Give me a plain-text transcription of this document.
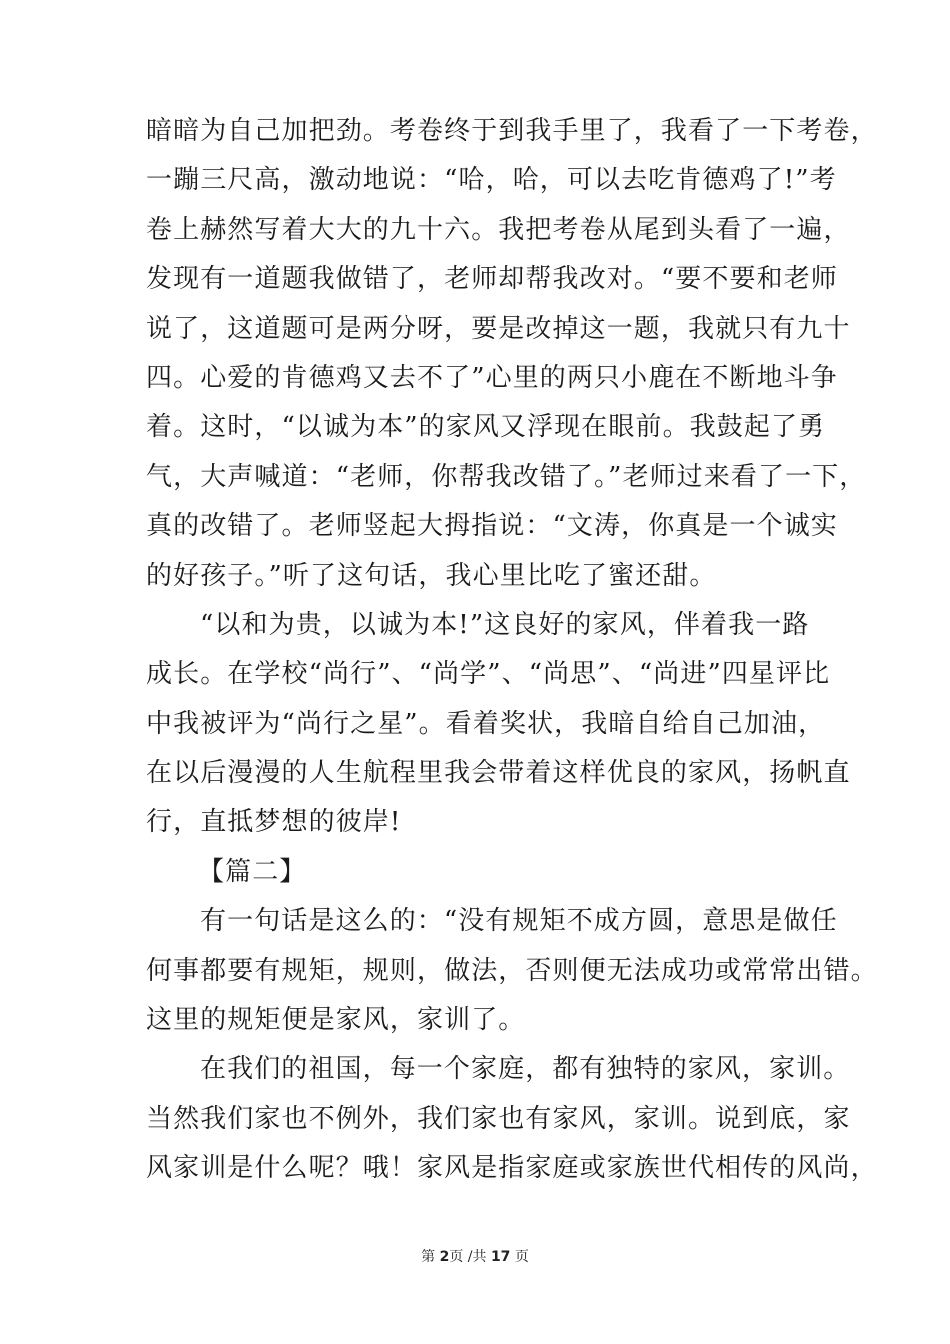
暗暗为自己加把劲。考卷终于到我手里了，我看了一下考卷，
一蹦三尺高，激动地说：“哈，哈，可以去吃肯德鸡了!”考
卷上赫然写着大大的九十六。我把考卷从尾到头看了一遍，
发现有一道题我做错了，老师却帮我改对。“要不要和老师
说了，这道题可是两分呀，要是改掉这一题，我就只有九十
四。心爱的肯德鸡又去不了”心里的两只小鹿在不断地斗争
着。这时，“以诚为本”的家风又浮现在眼前。我鼓起了勇
气，大声喊道：“老师，你帮我改错了。”老师过来看了一下，
真的改错了。老师竖起大拇指说：“文涛，你真是一个诚实
的好孩子。”听了这句话，我心里比吃了蜜还甜。
“以和为贵，以诚为本!”这良好的家风，伴着我一路
成长。在学校“尚行”、“尚学”、“尚思”、“尚进”四星评比
中我被评为“尚行之星”。看着奖状，我暗自给自己加油，
在以后漫漫的人生航程里我会带着这样优良的家风，扬帆直
行，直抵梦想的彼岸!
【篇二】
有一句话是这么的：“没有规矩不成方圆，意思是做任
何事都要有规矩，规则，做法，否则便无法成功或常常出错。
这里的规矩便是家风，家训了。
在我们的祖国，每一个家庭，都有独特的家风，家训。
当然我们家也不例外，我们家也有家风，家训。说到底，家
风家训是什么呢？哦！家风是指家庭或家族世代相传的风尚，
第 2页 /共 17 页
